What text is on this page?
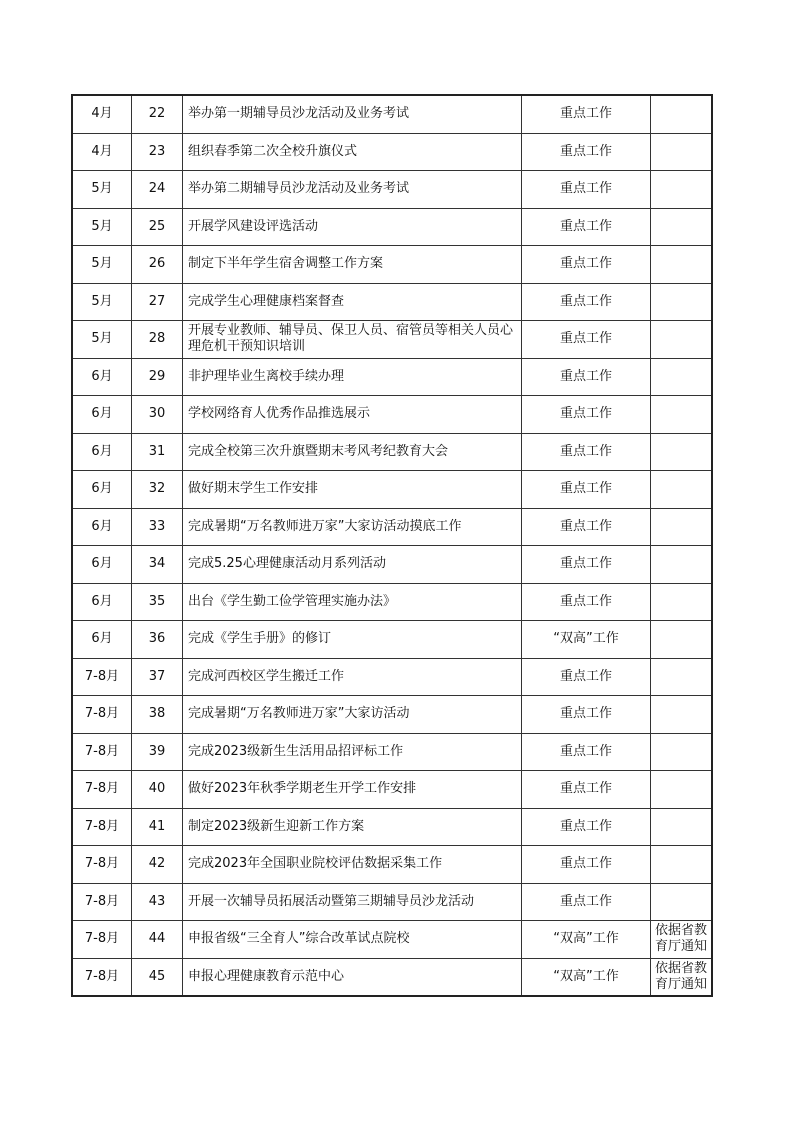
4月	22	举办第一期辅导员沙龙活动及业务考试	重点工作	
4月	23	组织春季第二次全校升旗仪式	重点工作	
5月	24	举办第二期辅导员沙龙活动及业务考试	重点工作	
5月	25	开展学风建设评选活动	重点工作	
5月	26	制定下半年学生宿舍调整工作方案	重点工作	
5月	27	完成学生心理健康档案督查	重点工作	
5月	28	开展专业教师、辅导员、保卫人员、宿管员等相关人员心理危机干预知识培训	重点工作	
6月	29	非护理毕业生离校手续办理	重点工作	
6月	30	学校网络育人优秀作品推选展示	重点工作	
6月	31	完成全校第三次升旗暨期末考风考纪教育大会	重点工作	
6月	32	做好期末学生工作安排	重点工作	
6月	33	完成暑期“万名教师进万家”大家访活动摸底工作	重点工作	
6月	34	完成5.25心理健康活动月系列活动	重点工作	
6月	35	出台《学生勤工俭学管理实施办法》	重点工作	
6月	36	完成《学生手册》的修订	“双高”工作	
7-8月	37	完成河西校区学生搬迁工作	重点工作	
7-8月	38	完成暑期“万名教师进万家”大家访活动	重点工作	
7-8月	39	完成2023级新生生活用品招评标工作	重点工作	
7-8月	40	做好2023年秋季学期老生开学工作安排	重点工作	
7-8月	41	制定2023级新生迎新工作方案	重点工作	
7-8月	42	完成2023年全国职业院校评估数据采集工作	重点工作	
7-8月	43	开展一次辅导员拓展活动暨第三期辅导员沙龙活动	重点工作	
7-8月	44	申报省级“三全育人”综合改革试点院校	“双高”工作	依据省教育厅通知
7-8月	45	申报心理健康教育示范中心	“双高”工作	依据省教育厅通知
